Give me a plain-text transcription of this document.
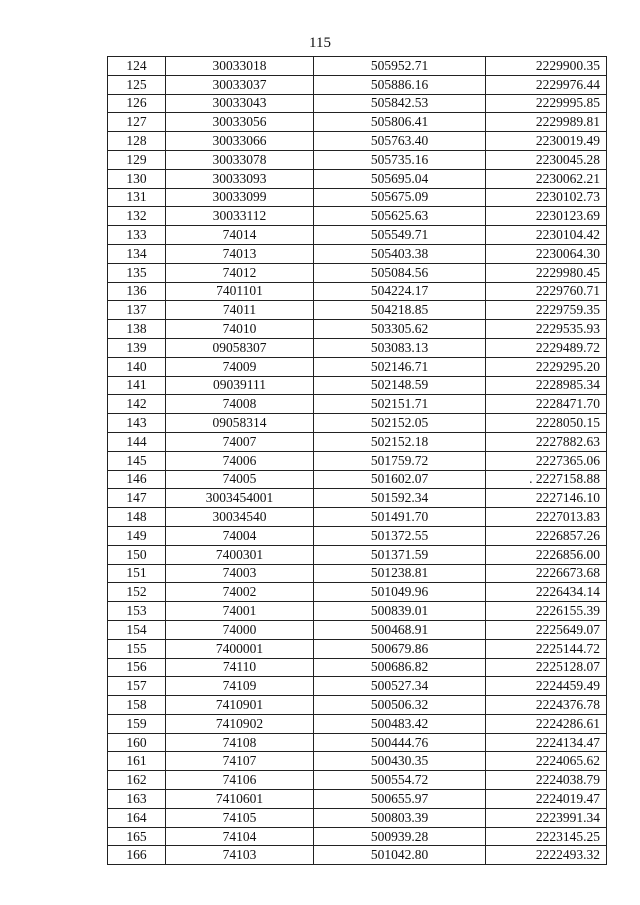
115
124	30033018	505952.71	2229900.35
125	30033037	505886.16	2229976.44
126	30033043	505842.53	2229995.85
127	30033056	505806.41	2229989.81
128	30033066	505763.40	2230019.49
129	30033078	505735.16	2230045.28
130	30033093	505695.04	2230062.21
131	30033099	505675.09	2230102.73
132	30033112	505625.63	2230123.69
133	74014	505549.71	2230104.42
134	74013	505403.38	2230064.30
135	74012	505084.56	2229980.45
136	7401101	504224.17	2229760.71
137	74011	504218.85	2229759.35
138	74010	503305.62	2229535.93
139	09058307	503083.13	2229489.72
140	74009	502146.71	2229295.20
141	09039111	502148.59	2228985.34
142	74008	502151.71	2228471.70
143	09058314	502152.05	2228050.15
144	74007	502152.18	2227882.63
145	74006	501759.72	2227365.06
146	74005	501602.07	. 2227158.88
147	3003454001	501592.34	2227146.10
148	30034540	501491.70	2227013.83
149	74004	501372.55	2226857.26
150	7400301	501371.59	2226856.00
151	74003	501238.81	2226673.68
152	74002	501049.96	2226434.14
153	74001	500839.01	2226155.39
154	74000	500468.91	2225649.07
155	7400001	500679.86	2225144.72
156	74110	500686.82	2225128.07
157	74109	500527.34	2224459.49
158	7410901	500506.32	2224376.78
159	7410902	500483.42	2224286.61
160	74108	500444.76	2224134.47
161	74107	500430.35	2224065.62
162	74106	500554.72	2224038.79
163	7410601	500655.97	2224019.47
164	74105	500803.39	2223991.34
165	74104	500939.28	2223145.25
166	74103	501042.80	2222493.32
